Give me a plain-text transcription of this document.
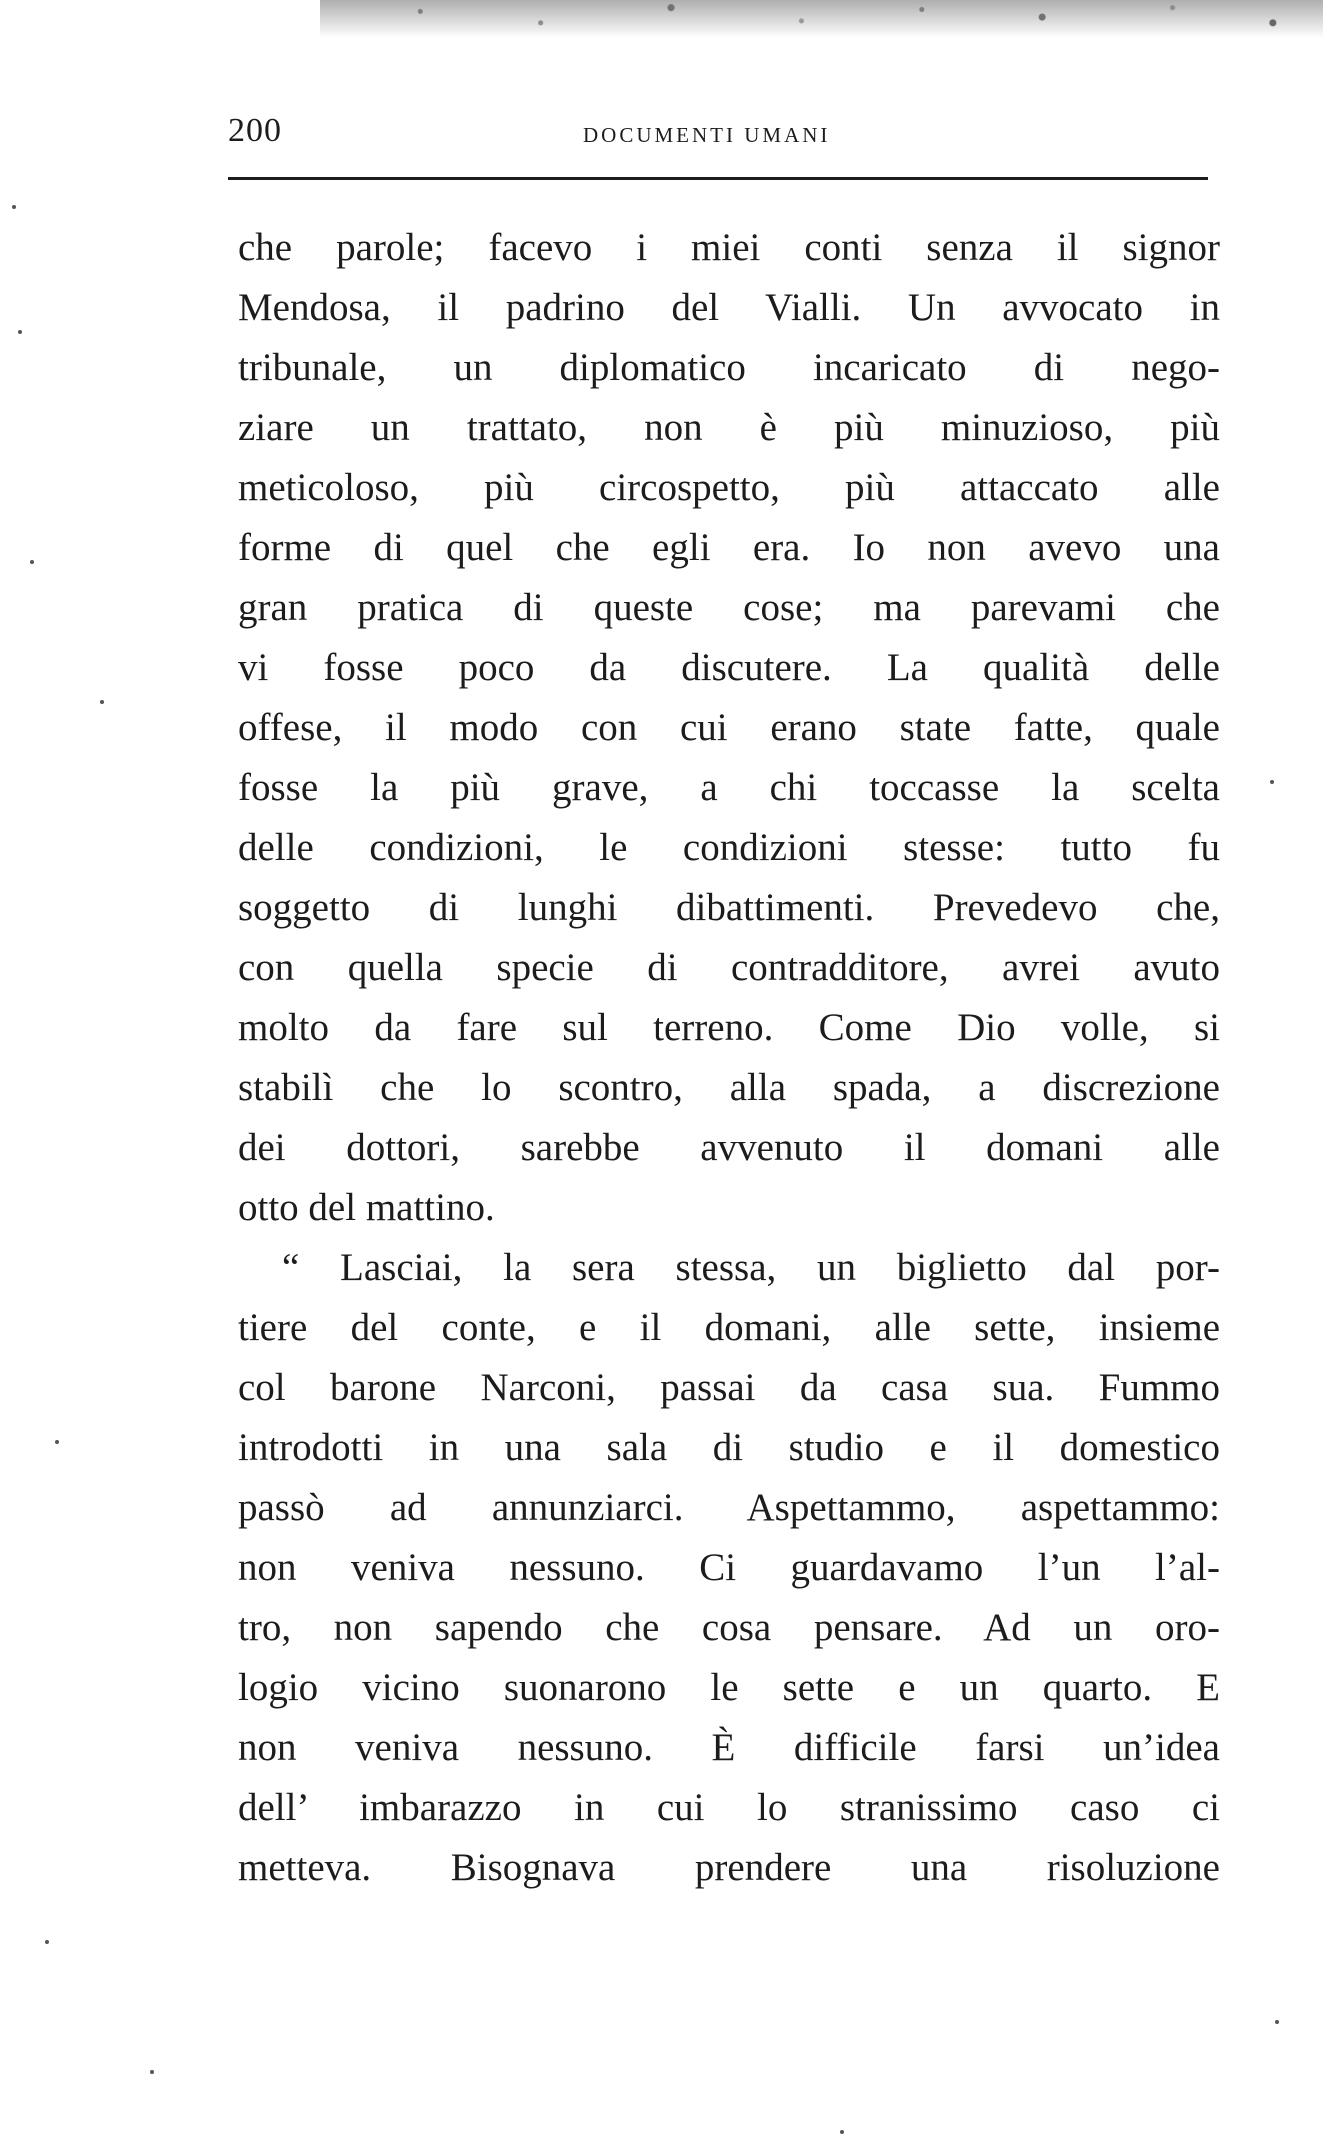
200	DOCUMENTI UMANI
che parole; facevo i miei conti senza il signor
Mendosa, il padrino del Vialli. Un avvocato in
tribunale, un diplomatico incaricato di nego-
ziare un trattato, non è più minuzioso, più
meticoloso, più circospetto, più attaccato alle
forme di quel che egli era. Io non avevo una
gran pratica di queste cose; ma parevami che
vi fosse poco da discutere. La qualità delle
offese, il modo con cui erano state fatte, quale
fosse la più grave, a chi toccasse la scelta
delle condizioni, le condizioni stesse: tutto fu
soggetto di lunghi dibattimenti. Prevedevo che,
con quella specie di contradditore, avrei avuto
molto da fare sul terreno. Come Dio volle, si
stabilì che lo scontro, alla spada, a discrezione
dei dottori, sarebbe avvenuto il domani alle
otto del mattino.
“ Lasciai, la sera stessa, un biglietto dal por-
tiere del conte, e il domani, alle sette, insieme
col barone Narconi, passai da casa sua. Fummo
introdotti in una sala di studio e il domestico
passò ad annunziarci. Aspettammo, aspettammo:
non veniva nessuno. Ci guardavamo l’un l’al-
tro, non sapendo che cosa pensare. Ad un oro-
logio vicino suonarono le sette e un quarto. E
non veniva nessuno. È difficile farsi un’idea
dell’ imbarazzo in cui lo stranissimo caso ci
metteva. Bisognava prendere una risoluzione
